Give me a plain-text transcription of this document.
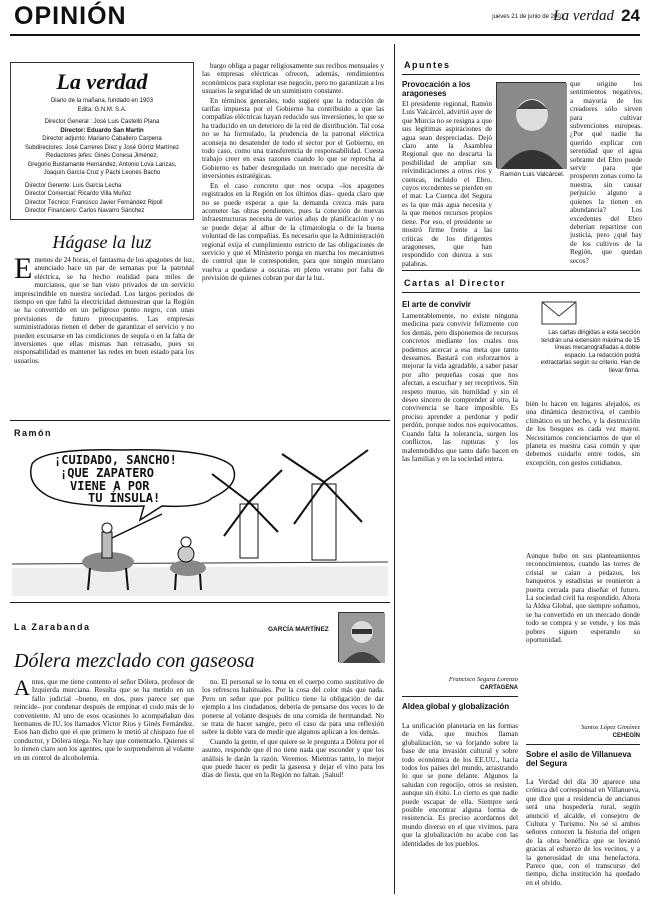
OPINIÓN	jueves 21 de junio de 2001
La verdad 24
La verdad
Diario de la mañana, fundado en 1903
Edita: G.N.M. S.A.
Director General : José Luis Castelló Plana
Director: Eduardo San Martín
Director adjunto: Mariano Caballero Carpena
Subdirectores: José Carreres Díez y José Górriz Martínez
Redactores jefes: Ginés Conesa Jiménez,
Gregorio Bustamante Hernández, Antonio Lova Lanzas,
Joaquín García Cruz y Pachi Leonés Bacho
Director Gerente: Luis García Lecha
Director Comercial: Ricardo Villa Muñoz
Director Técnico: Francisco Javier Fernández Ripoll
Director Financiero: Carlos Navarro Sánchez
Hágase la luz
E menos de 24 horas, el fantasma de los apagones de luz, anunciado hace un par de semanas por la patronal eléctrica, se ha hecho realidad para miles de murcianos, que se han visto privados de un servicio imprescindible en nuestra sociedad. Los largos periodos de tiempo en que faltó la electricidad demuestran que la Región se ha convertido en un peligroso punto negro, con unas previsiones de futuro preocupantes. Las empresas suministradoras tienen el deber de garantizar el servicio y no pueden excusarse en las condiciones de sequía o en la falta de inversiones que ellas mismas han retrasado, pues su responsabilidad es mantener las redes en buen estado para los usuarios.

bargo obliga a pagar religiosamente sus recibos mensuales y las empresas eléctricas ofrecen, además, rendimientos económicos para explotar ese negocio, pero no garantizan a los usuarios la seguridad de un suministro constante.

En términos generales, todo sugiere que la reducción de tarifas impuesta por el Gobierno ha contribuido a que las compañías eléctricas hayan reducido sus inversiones, lo que se ha traducido en un deterioro de la red de distribución. Tal cosa no se ha formulado, la prudencia de la patronal eléctrica aconseja no desatender de todo el sector por el Gobierno, en todo caso, como una transferencia de responsabilidad. Cuesta trabajo creer en esas razones cuando lo que se reprocha al Gobierno es haber desregulado un mercado que necesita de inversiones estratégicas.

En el caso concreto que nos ocupa –los apagones registrados en la Región en los últimos días– queda claro que no se puede esperar a que la demanda crezca más para acometer las obras pendientes, pues la conexión de nuevas infraestructuras necesita de varios años de planificación y no se puede dejar al albur de la climatología o de la buena voluntad de las compañías. Es necesario que la Administración regional exija el cumplimiento estricto de las obligaciones de servicio y que el Ministerio ponga en marcha los mecanismos de control que le corresponden, para que ningún murciano vuelva a quedarse a oscuras en pleno verano por falta de previsión de quienes cobran por dar la luz.

Ramón
¡CUIDADO, SANCHO!
¡QUE ZAPATERO
VIENE A POR
TU ÍNSULA!
La Zarabanda	GARCÍA MARTÍNEZ
Dólera mezclado con gaseosa
A ntes, que me tiene contento el señor Dólera, profesor de Izquierda murciana. Resulta que se ha metido en un fallo judicial –bueno, en dos, pues parece ser que reincide– por condenar después de empinar el codo más de lo conveniente. Al uno de esos ocasiones lo acompañaban dos hermanos de IU, los llamados Víctor Ríos y Ginés Fernández. Esos han dicho que el que primero le metió al chispazo fue el conductor, y Dólera niega. No hay que comentarlo. Quienes sí lo tienen claro son los agentes, que le sorprendieron al volante en un control de alcoholemia.

no. El personal se lo toma en el cuerpo como sustitutivo de los refrescos habituales. Por la cosa del color más que nada. Pero un señor que por político tiene la obligación de dar ejemplo a los ciudadanos, debería de pensarse dos veces lo de ponerse al volante después de una comida de hermandad. No se trata de hacer sangre, pero el caso da para una reflexión sobre la doble vara de medir que algunos aplican a los demás.

Cuando la gente, el que quiere se le pregunta a Dólera por el asunto, responde que él no tiene nada que esconder y que los análisis le darán la razón. Veremos. Mientras tanto, lo mejor que puede hacer es pedir la gaseosa y dejar el vino para los días de fiesta, que en la Región no faltan. ¡Salud!

Apuntes
Provocación a los aragoneses
Ramón Luis Valcárcel.
El presidente regional, Ramón Luis Valcárcel, advirtió ayer de que Murcia no se resigna a que sus legítimas aspiraciones de agua sean despreciadas. Dejó claro ante la Asamblea Regional que no descarta la posibilidad de ampliar sus reivindicaciones a otros ríos y cuencas, incluido el Ebro, cuyos excedentes se pierden en el mar. La Cuenca del Segura es la que más agua necesita y la que menos recursos propios tiene. Por eso, el presidente se mostró firme frente a las críticas de los dirigentes aragoneses, que han respondido con dureza a sus palabras.
que origine los sentimientos negativos, a mayoría de los creadores sólo sirven para cultivar subvenciones europeas. ¿Por qué nadie ha querido explicar con serenidad que el agua sobrante del Ebro puede servir para que prosperen zonas como la nuestra, sin causar perjuicio alguno a quienes la tienen en abundancia? Los excedentes del Ebro deberían repartirse con justicia, pero ¿qué hay de los cultivos de la Región, que quedan secos?
Cartas al Director
Las cartas dirigidas a esta sección tendrán una extensión máxima de 15 líneas mecanografiadas a doble espacio. La redacción podrá extractarlas según su criterio. Han de llevar firma.
El arte de convivir
Lamentablemente, no existe ninguna medicina para convivir felizmente con los demás, pero disponemos de recursos concretos mediante los cuales nos podemos acercar a esa meta que tanto deseamos. Bastará con esforzarnos a mejorar la vida agradable, a saber pasar por alto pequeñas cosas que nos afectan, a escuchar y ser receptivos. Sin respeto mutuo, sin humildad y sin el deseo sincero de comprender al otro, la convivencia se hace imposible. Es preciso aprender a perdonar y pedir perdón, porque todos nos equivocamos. Cuando falta la tolerancia, surgen los conflictos, las rupturas y los malentendidos que tanto daño hacen en las familias y en la sociedad entera.
bién lo hacen en lugares alejados, es una dinámica destructiva, el cambio climático es un hecho, y la destrucción de los bosques es cada vez mayor. Necesitamos concienciarnos de que el planeta es nuestra casa común y que debemos cuidarlo entre todos, sin excepción, con gestos cotidianos.
Francisco Segura Lorenzo
CARTAGENA
Aldea global y globalización
La unificación planetaria en las formas de vida, que muchos llaman globalización, se va forjando sobre la base de una invasión cultural y sobre todo económica de los EE.UU., hacia todos los países del mundo, arrastrando lo que se pone delante. Algunos la saludan con regocijo, otros se resisten, aunque sin éxito. Lo cierto es que nadie puede escapar de ella. Siempre será posible encontrar alguna forma de resistencia. Es preciso acordarnos del mundo diverso en el que vivimos, para que la globalización no acabe con las identidades de los pueblos.
Aunque hubo en sus planteamientos reconocimientos, cuando las torres de cristal se caían a pedazos, los banqueros y estadistas se reunieron a puerta cerrada para diseñar el futuro. La sociedad civil ha respondido. Ahora la Aldea Global, que siempre soñamos, se ha convertido en un mercado donde todo se compra y se vende, y los más pobres siguen esperando su oportunidad.
Santos López Giménez
CEHEGÍN
Sobre el asilo de Villanueva del Segura
La Verdad del día 30 aparece una crónica del corresponsal en Villanueva, que dice que a residencia de ancianos será una hospedería rural, según anunció el alcalde, el consejero de Cultura y Turismo. No sé si ambos señores conocen la historia del origen de la obra benéfica que se levantó gracias al esfuerzo de los vecinos, y a la generosidad de una benefactora. Parece que, con el transcurso del tiempo, dicha institución ha quedado en el olvido.
